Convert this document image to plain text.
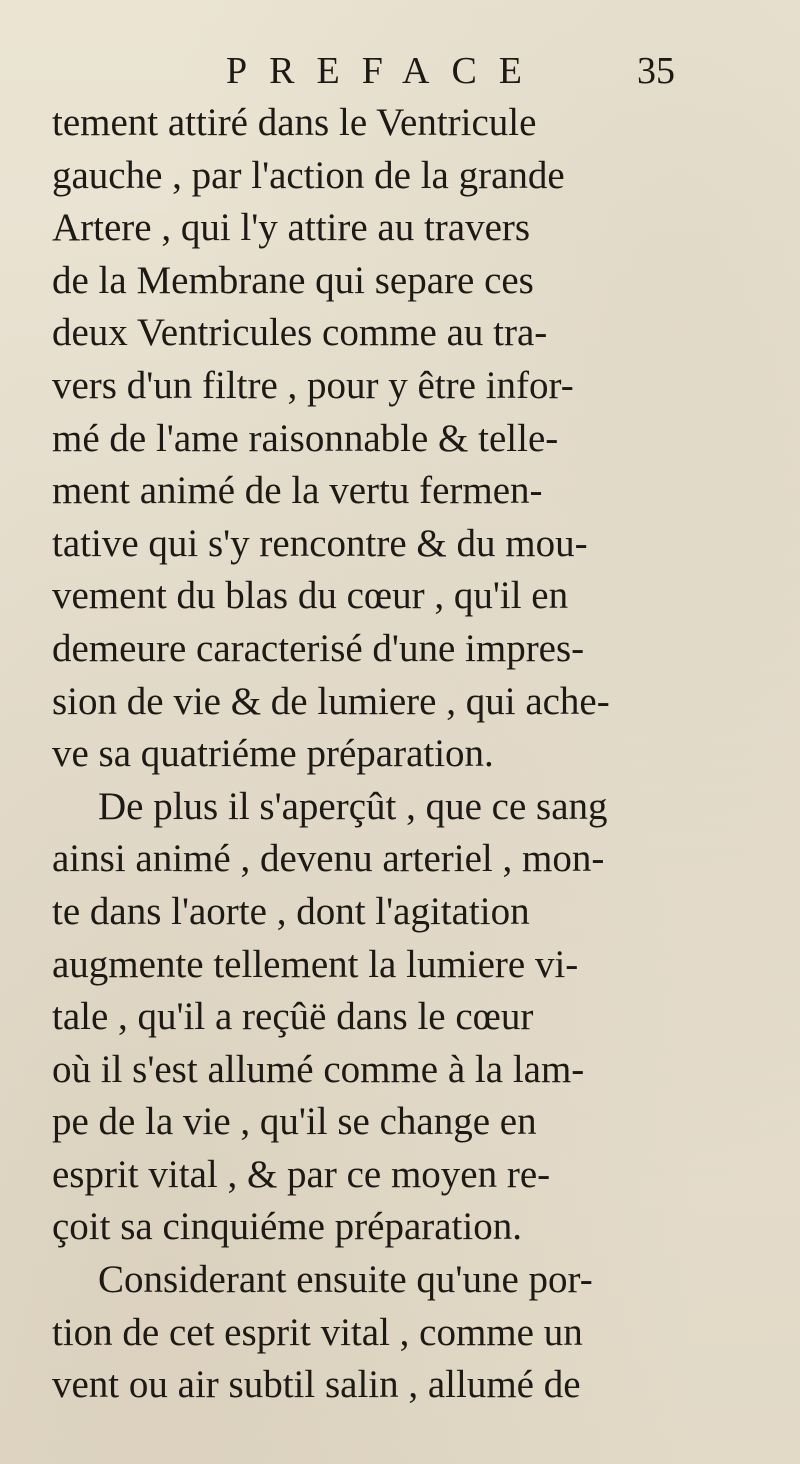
PREFACE 35
tement attiré dans le Ventricule
gauche , par l'action de la grande
Artere , qui l'y attire au travers
de la Membrane qui separe ces
deux Ventricules comme au tra-
vers d'un filtre , pour y être infor-
mé de l'ame raisonnable & telle-
ment animé de la vertu fermen-
tative qui s'y rencontre & du mou-
vement du blas du cœur , qu'il en
demeure caracterisé d'une impres-
sion de vie & de lumiere , qui ache-
ve sa quatriéme préparation.
De plus il s'aperçût , que ce sang
ainsi animé , devenu arteriel , mon-
te dans l'aorte , dont l'agitation
augmente tellement la lumiere vi-
tale , qu'il a reçûë dans le cœur
où il s'est allumé comme à la lam-
pe de la vie , qu'il se change en
esprit vital , & par ce moyen re-
çoit sa cinquiéme préparation.
Considerant ensuite qu'une por-
tion de cet esprit vital , comme un
vent ou air subtil salin , allumé de
